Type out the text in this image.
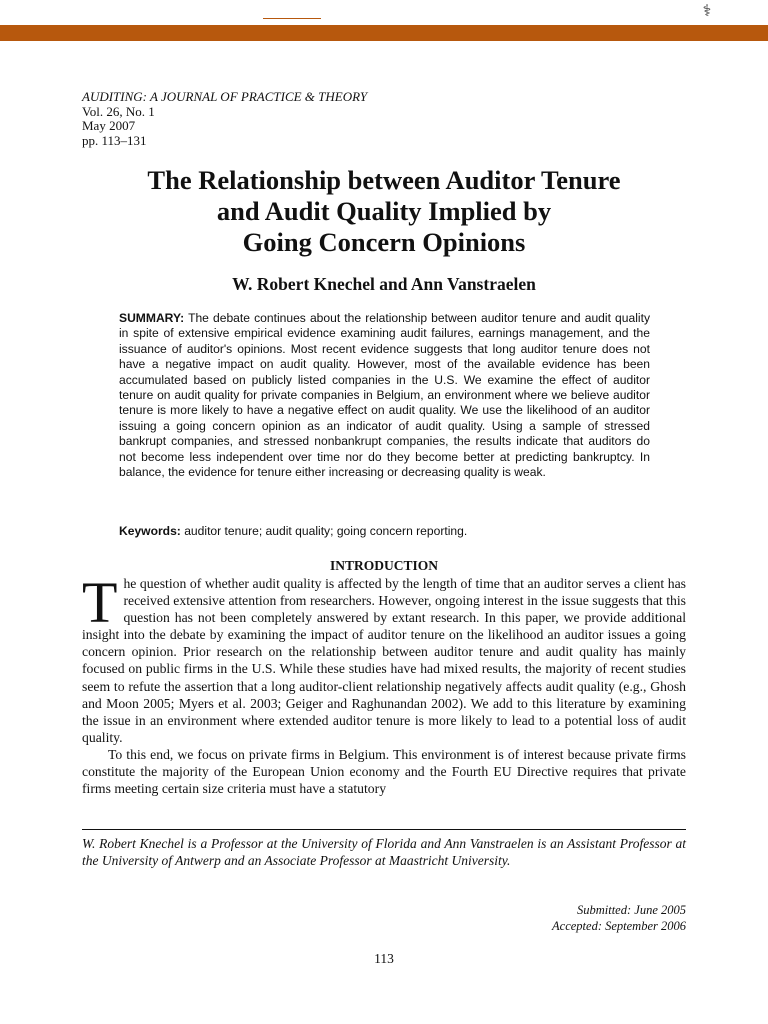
⚕
AUDITING: A JOURNAL OF PRACTICE & THEORY
Vol. 26, No. 1
May 2007
pp. 113–131
The Relationship between Auditor Tenure
and Audit Quality Implied by
Going Concern Opinions
W. Robert Knechel and Ann Vanstraelen
SUMMARY: The debate continues about the relationship between auditor tenure and audit quality in spite of extensive empirical evidence examining audit failures, earnings management, and the issuance of auditor's opinions. Most recent evidence suggests that long auditor tenure does not have a negative impact on audit quality. However, most of the available evidence has been accumulated based on publicly listed companies in the U.S. We examine the effect of auditor tenure on audit quality for private companies in Belgium, an environment where we believe auditor tenure is more likely to have a negative effect on audit quality. We use the likelihood of an auditor issuing a going concern opinion as an indicator of audit quality. Using a sample of stressed bankrupt companies, and stressed nonbankrupt companies, the results indicate that auditors do not become less independent over time nor do they become better at predicting bankruptcy. In balance, the evidence for tenure either increasing or decreasing quality is weak.
Keywords: auditor tenure; audit quality; going concern reporting.
INTRODUCTION

The question of whether audit quality is affected by the length of time that an auditor serves a client has received extensive attention from researchers. However, ongoing interest in the issue suggests that this question has not been completely answered by extant research. In this paper, we provide additional insight into the debate by examining the impact of auditor tenure on the likelihood an auditor issues a going concern opinion. Prior research on the relationship between auditor tenure and audit quality has mainly focused on public firms in the U.S. While these studies have had mixed results, the majority of recent studies seem to refute the assertion that a long auditor-client relationship negatively affects audit quality (e.g., Ghosh and Moon 2005; Myers et al. 2003; Geiger and Raghunandan 2002). We add to this literature by examining the issue in an environment where extended auditor tenure is more likely to lead to a potential loss of audit quality.

To this end, we focus on private firms in Belgium. This environment is of interest because private firms constitute the majority of the European Union economy and the Fourth EU Directive requires that private firms meeting certain size criteria must have a statutory

W. Robert Knechel is a Professor at the University of Florida and Ann Vanstraelen is an Assistant Professor at the University of Antwerp and an Associate Professor at Maastricht University.
Submitted: June 2005
Accepted: September 2006
113
